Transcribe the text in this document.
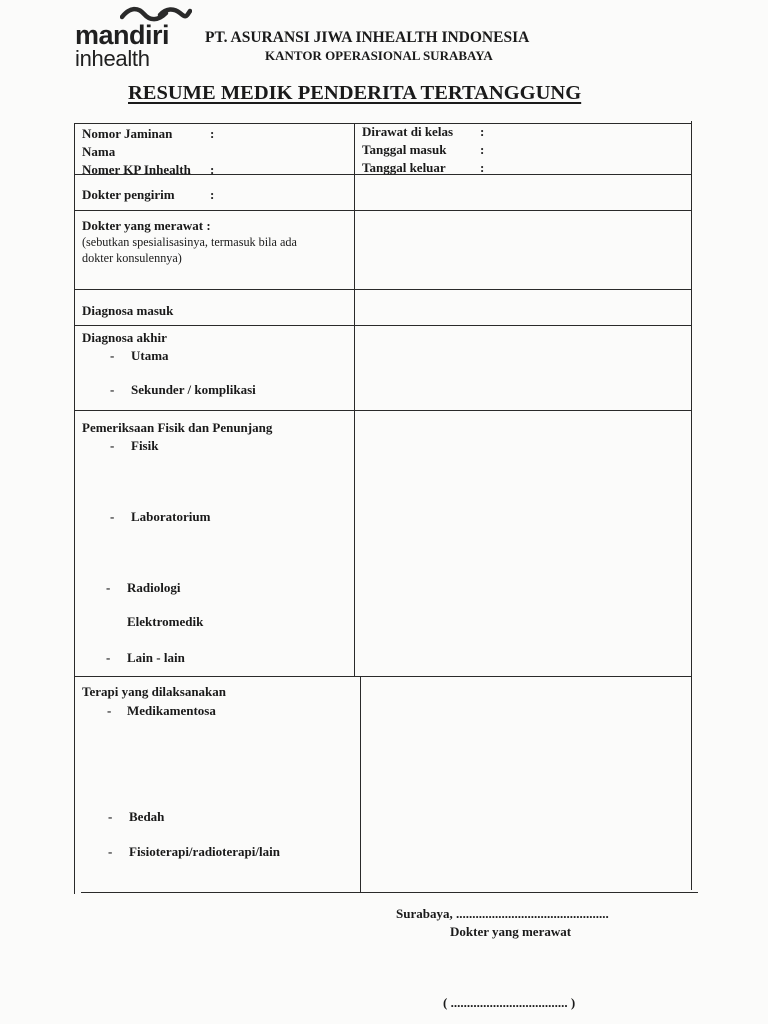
mandiri
inhealth
PT. ASURANSI JIWA INHEALTH INDONESIA
KANTOR OPERASIONAL SURABAYA
RESUME MEDIK PENDERITA TERTANGGUNG
Nomor Jaminan	:
Nama
Nomer KP Inhealth :
Dirawat di kelas :
Tanggal masuk	:
Tanggal keluar	:
Dokter pengirim	:
Dokter yang merawat :
(sebutkan spesialisasinya, termasuk bila ada
dokter konsulennya)
Diagnosa masuk
Diagnosa akhir
- Utama
- Sekunder / komplikasi
Pemeriksaan Fisik dan Penunjang
- Fisik
- Laboratorium
- Radiologi
Elektromedik
- Lain - lain
Terapi yang dilaksanakan
- Medikamentosa
- Bedah
- Fisioterapi/radioterapi/lain
Surabaya, ...............................................
Dokter yang merawat
( .................................... )
